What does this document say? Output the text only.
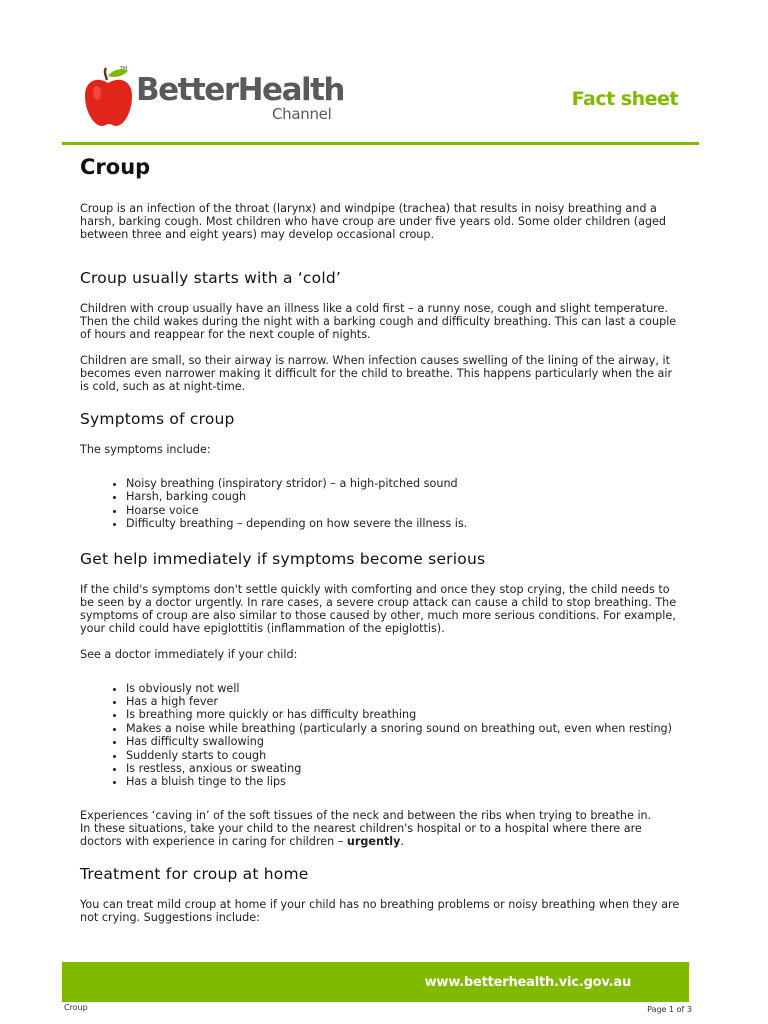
BetterHealth
Channel
TM
Fact sheet
Croup

Croup is an infection of the throat (larynx) and windpipe (trachea) that results in noisy breathing and a harsh, barking cough. Most children who have croup are under five years old. Some older children (aged between three and eight years) may develop occasional croup.

Croup usually starts with a ‘cold’

Children with croup usually have an illness like a cold first – a runny nose, cough and slight temperature. Then the child wakes during the night with a barking cough and difficulty breathing. This can last a couple of hours and reappear for the next couple of nights.

Children are small, so their airway is narrow. When infection causes swelling of the lining of the airway, it becomes even narrower making it difficult for the child to breathe. This happens particularly when the air is cold, such as at night-time.

Symptoms of croup

The symptoms include:

• Noisy breathing (inspiratory stridor) – a high-pitched sound
• Harsh, barking cough
• Hoarse voice
• Difficulty breathing – depending on how severe the illness is.
Get help immediately if symptoms become serious

If the child's symptoms don't settle quickly with comforting and once they stop crying, the child needs to be seen by a doctor urgently. In rare cases, a severe croup attack can cause a child to stop breathing. The symptoms of croup are also similar to those caused by other, much more serious conditions. For example, your child could have epiglottitis (inflammation of the epiglottis).

See a doctor immediately if your child:

• Is obviously not well
• Has a high fever
• Is breathing more quickly or has difficulty breathing
• Makes a noise while breathing (particularly a snoring sound on breathing out, even when resting)
• Has difficulty swallowing
• Suddenly starts to cough
• Is restless, anxious or sweating
• Has a bluish tinge to the lips

Experiences ‘caving in’ of the soft tissues of the neck and between the ribs when trying to breathe in.

In these situations, take your child to the nearest children's hospital or to a hospital where there are doctors with experience in caring for children – urgently.

Treatment for croup at home

You can treat mild croup at home if your child has no breathing problems or noisy breathing when they are not crying. Suggestions include:

www.betterhealth.vic.gov.au
Croup	Page 1 of 3
